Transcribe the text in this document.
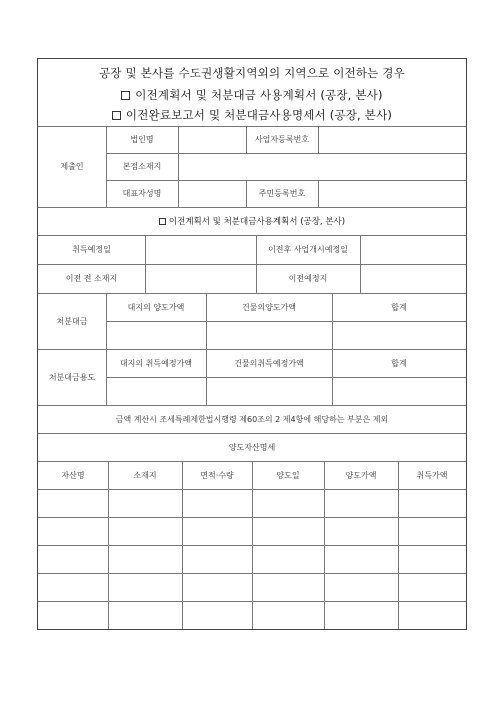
공장 및 본사를 수도권생활지역외의 지역으로 이전하는 경우
이전계획서 및 처분대금 사용계획서 (공장, 본사)
이전완료보고서 및 처분대금사용명세서 (공장, 본사)
제출인
법인명	사업자등록번호
본점소재지
대표자성명	주민등록번호
이전계획서 및 처분대금사용계획서 (공장, 본사)
취득예정일	이전후 사업개시예정일
이전 전 소재지	이전예정지
처분대금
대지의 양도가액	건물의양도가액	합계
처분대금용도
대지의 취득예정가액	건물의취득예정가액	합계
금액 계산시 조세특례제한법시행령 제60조의 2 제4항에 해당하는 부분은 제외
양도자산명세
자산명	소재지	면적·수량	양도일	양도가액	취득가액
